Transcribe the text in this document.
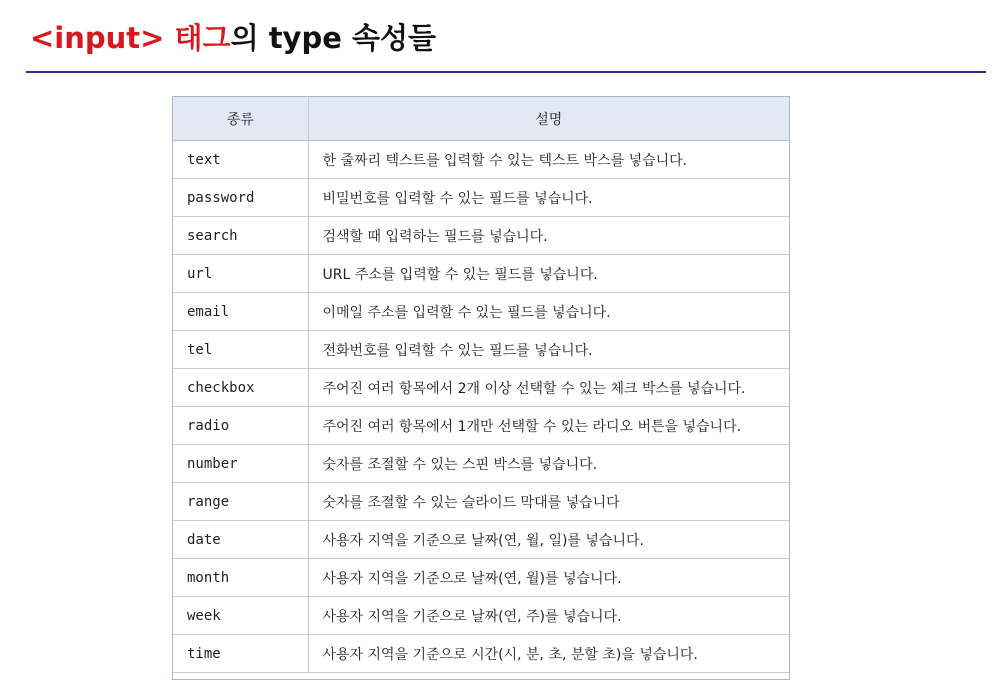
<input> 태그의 type 속성들
종류	설명
text	한 줄짜리 텍스트를 입력할 수 있는 텍스트 박스를 넣습니다.
password	비밀번호를 입력할 수 있는 필드를 넣습니다.
search	검색할 때 입력하는 필드를 넣습니다.
url	URL 주소를 입력할 수 있는 필드를 넣습니다.
email	이메일 주소를 입력할 수 있는 필드를 넣습니다.
tel	전화번호를 입력할 수 있는 필드를 넣습니다.
checkbox	주어진 여러 항목에서 2개 이상 선택할 수 있는 체크 박스를 넣습니다.
radio	주어진 여러 항목에서 1개만 선택할 수 있는 라디오 버튼을 넣습니다.
number	숫자를 조절할 수 있는 스핀 박스를 넣습니다.
range	숫자를 조절할 수 있는 슬라이드 막대를 넣습니다
date	사용자 지역을 기준으로 날짜(연, 월, 일)를 넣습니다.
month	사용자 지역을 기준으로 날짜(연, 월)를 넣습니다.
week	사용자 지역을 기준으로 날짜(연, 주)를 넣습니다.
time	사용자 지역을 기준으로 시간(시, 분, 초, 분할 초)을 넣습니다.
